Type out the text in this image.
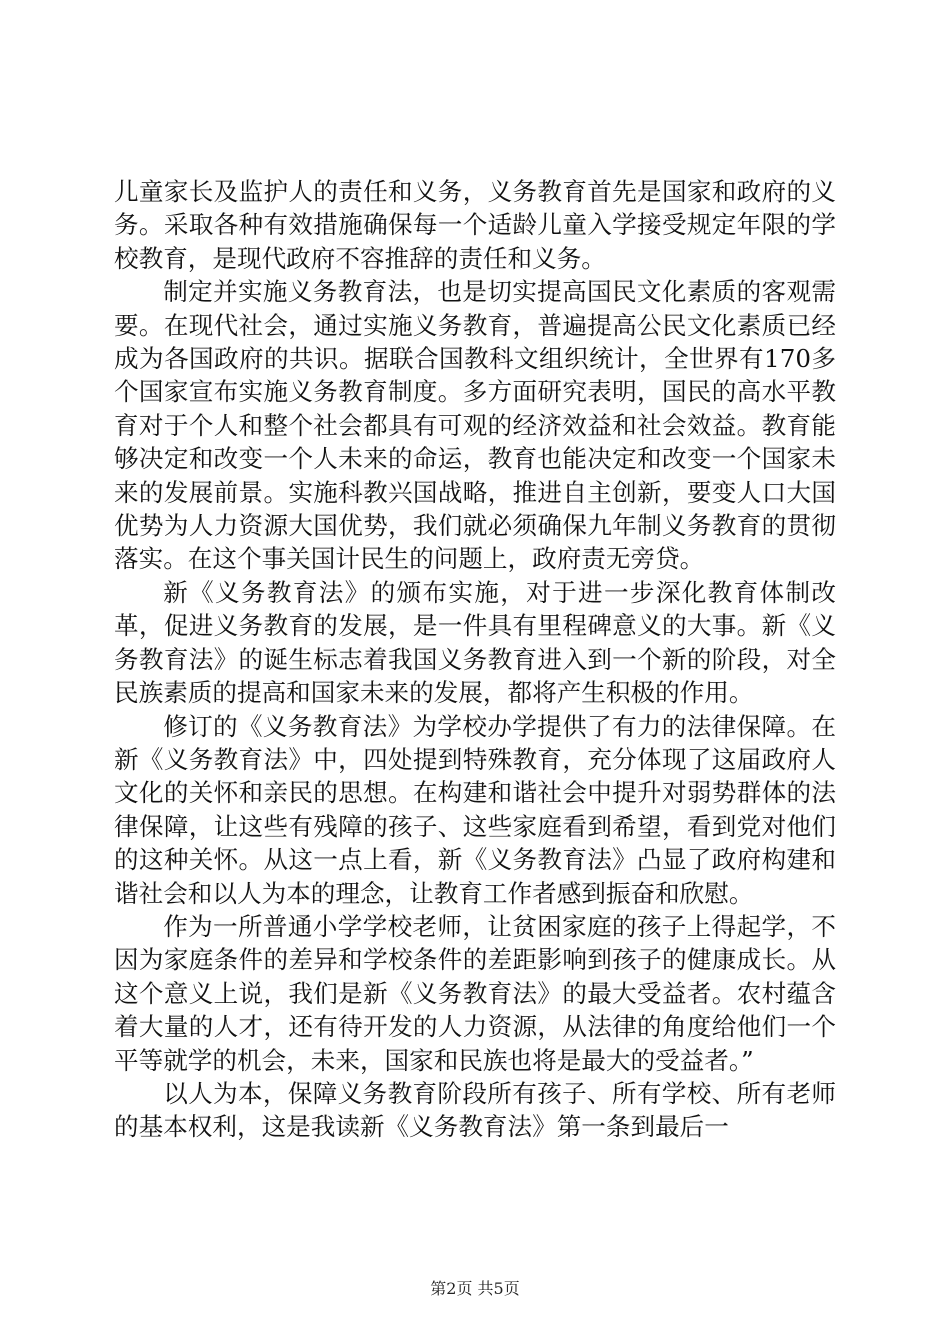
儿童家长及监护人的责任和义务，义务教育首先是国家和政府的义务。采取各种有效措施确保每一个适龄儿童入学接受规定年限的学校教育，是现代政府不容推辞的责任和义务。

制定并实施义务教育法，也是切实提高国民文化素质的客观需要。在现代社会，通过实施义务教育，普遍提高公民文化素质已经成为各国政府的共识。据联合国教科文组织统计，全世界有170多个国家宣布实施义务教育制度。多方面研究表明，国民的高水平教育对于个人和整个社会都具有可观的经济效益和社会效益。教育能够决定和改变一个人未来的命运，教育也能决定和改变一个国家未来的发展前景。实施科教兴国战略，推进自主创新，要变人口大国优势为人力资源大国优势，我们就必须确保九年制义务教育的贯彻落实。在这个事关国计民生的问题上，政府责无旁贷。

新《义务教育法》的颁布实施，对于进一步深化教育体制改革，促进义务教育的发展，是一件具有里程碑意义的大事。新《义务教育法》的诞生标志着我国义务教育进入到一个新的阶段，对全民族素质的提高和国家未来的发展，都将产生积极的作用。

修订的《义务教育法》为学校办学提供了有力的法律保障。在新《义务教育法》中，四处提到特殊教育，充分体现了这届政府人文化的关怀和亲民的思想。在构建和谐社会中提升对弱势群体的法律保障，让这些有残障的孩子、这些家庭看到希望，看到党对他们的这种关怀。从这一点上看，新《义务教育法》凸显了政府构建和谐社会和以人为本的理念，让教育工作者感到振奋和欣慰。

作为一所普通小学学校老师，让贫困家庭的孩子上得起学，不因为家庭条件的差异和学校条件的差距影响到孩子的健康成长。从这个意义上说，我们是新《义务教育法》的最大受益者。农村蕴含着大量的人才，还有待开发的人力资源，从法律的角度给他们一个平等就学的机会，未来，国家和民族也将是最大的受益者。”

以人为本，保障义务教育阶段所有孩子、所有学校、所有老师的基本权利，这是我读新《义务教育法》第一条到最后一

第2页 共5页
